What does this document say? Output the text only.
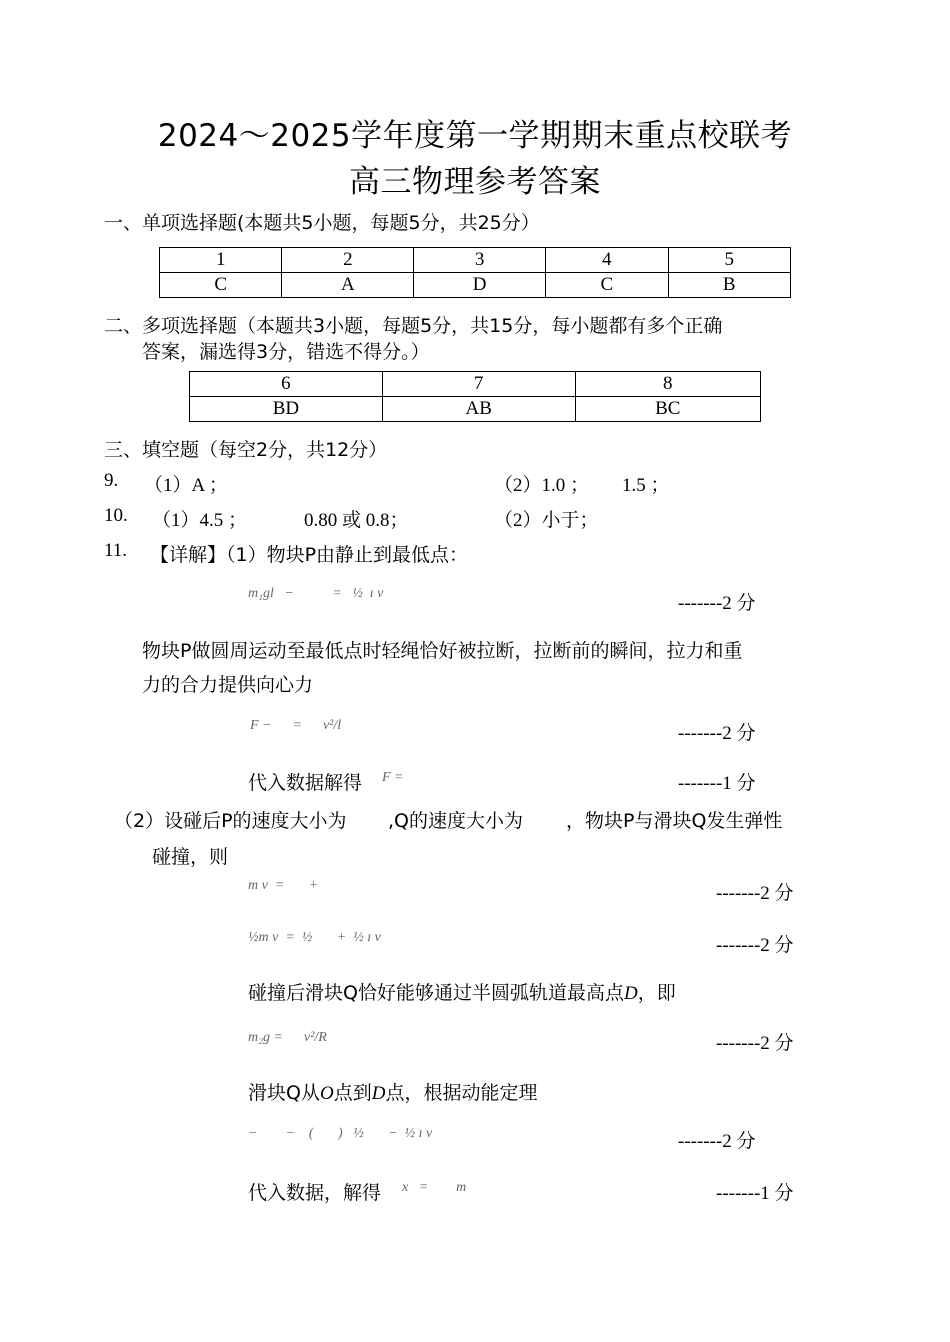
2024～2025学年度第一学期期末重点校联考
高三物理参考答案
一、单项选择题(本题共5小题，每题5分，共25分）
1	2	3	4	5
C	A	D	C	B
二、多项选择题（本题共3小题，每题5分，共15分，每小题都有多个正确
答案，漏选得3分，错选不得分。）
6	7	8
BD	AB	BC
三、填空题（每空2分，共12分）
9. （1）A ；	（2）1.0 ； 1.5 ；
10. （1）4.5 ；	0.80 或 0.8；	（2）小于；
11. 【详解】（1）物块P由静止到最低点：
m₁gl   −           =   ½  ı v	-------2 分
物块P做圆周运动至最低点时轻绳恰好被拉断，拉断前的瞬间，拉力和重
力的合力提供向心力
F −      =      v²/l	-------2 分
代入数据解得 F =	-------1 分
（2）设碰后P的速度大小为 ,Q的速度大小为 ，物块P与滑块Q发生弹性
碰撞，则
m v  =       +	-------2 分
½m v  =  ½       +  ½ ı v	-------2 分
碰撞后滑块Q恰好能够通过半圆弧轨道最高点D，即
m₂g =      v²/R	-------2 分
滑块Q从O点到D点，根据动能定理
−        −    (       )   ½       −  ½ ı v	-------2 分
代入数据，解得 x   =        m	-------1 分
